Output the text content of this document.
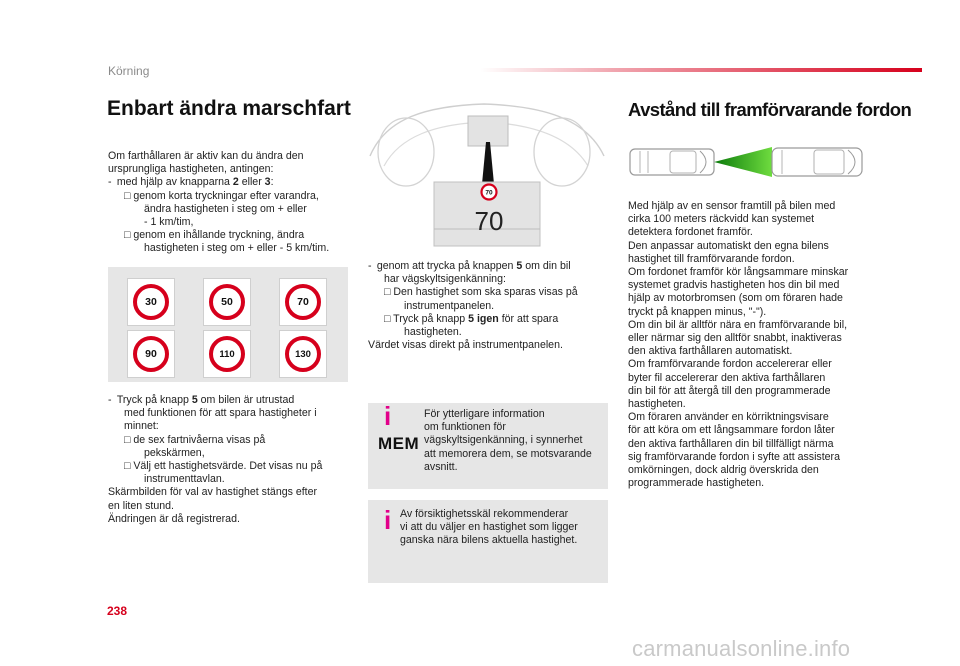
Körning
Enbart ändra marschfart

Om farthållaren är aktiv kan du ändra den

ursprungliga hastigheten, antingen:

- med hjälp av knapparna 2 eller 3:

□ genom korta tryckningar efter varandra,

ändra hastigheten i steg om + eller

- 1 km/tim,

□ genom en ihållande tryckning, ändra

hastigheten i steg om + eller - 5 km/tim.

30	50	70
90	110	130

- Tryck på knapp 5 om bilen är utrustad

med funktionen för att spara hastigheter i

minnet:

□ de sex fartnivåerna visas på

pekskärmen,

□ Välj ett hastighetsvärde. Det visas nu på

instrumenttavlan.

Skärmbilden för val av hastighet stängs efter

en liten stund.

Ändringen är då registrerad.

70
70

- genom att trycka på knappen 5 om din bil

har vägskyltsigenkänning:

□ Den hastighet som ska sparas visas på

instrumentpanelen.

□ Tryck på knapp 5 igen för att spara

hastigheten.

Värdet visas direkt på instrumentpanelen.

i
MEM

För ytterligare information

om funktionen för

vägskyltsigenkänning, i synnerhet

att memorera dem, se motsvarande

avsnitt.

i Av försiktighetsskäl rekommenderar

vi att du väljer en hastighet som ligger

ganska nära bilens aktuella hastighet.

Avstånd till framförvarande fordon

Med hjälp av en sensor framtill på bilen med

cirka 100 meters räckvidd kan systemet

detektera fordonet framför.

Den anpassar automatiskt den egna bilens

hastighet till framförvarande fordon.

Om fordonet framför kör långsammare minskar

systemet gradvis hastigheten hos din bil med

hjälp av motorbromsen (som om föraren hade

tryckt på knappen minus, "-").

Om din bil är alltför nära en framförvarande bil,

eller närmar sig den alltför snabbt, inaktiveras

den aktiva farthållaren automatiskt.

Om framförvarande fordon accelererar eller

byter fil accelererar den aktiva farthållaren

din bil för att återgå till den programmerade

hastigheten.

Om föraren använder en körriktningsvisare

för att köra om ett långsammare fordon låter

den aktiva farthållaren din bil tillfälligt närma

sig framförvarande fordon i syfte att assistera

omkörningen, dock aldrig överskrida den

programmerade hastigheten.

238
carmanualsonline.info
